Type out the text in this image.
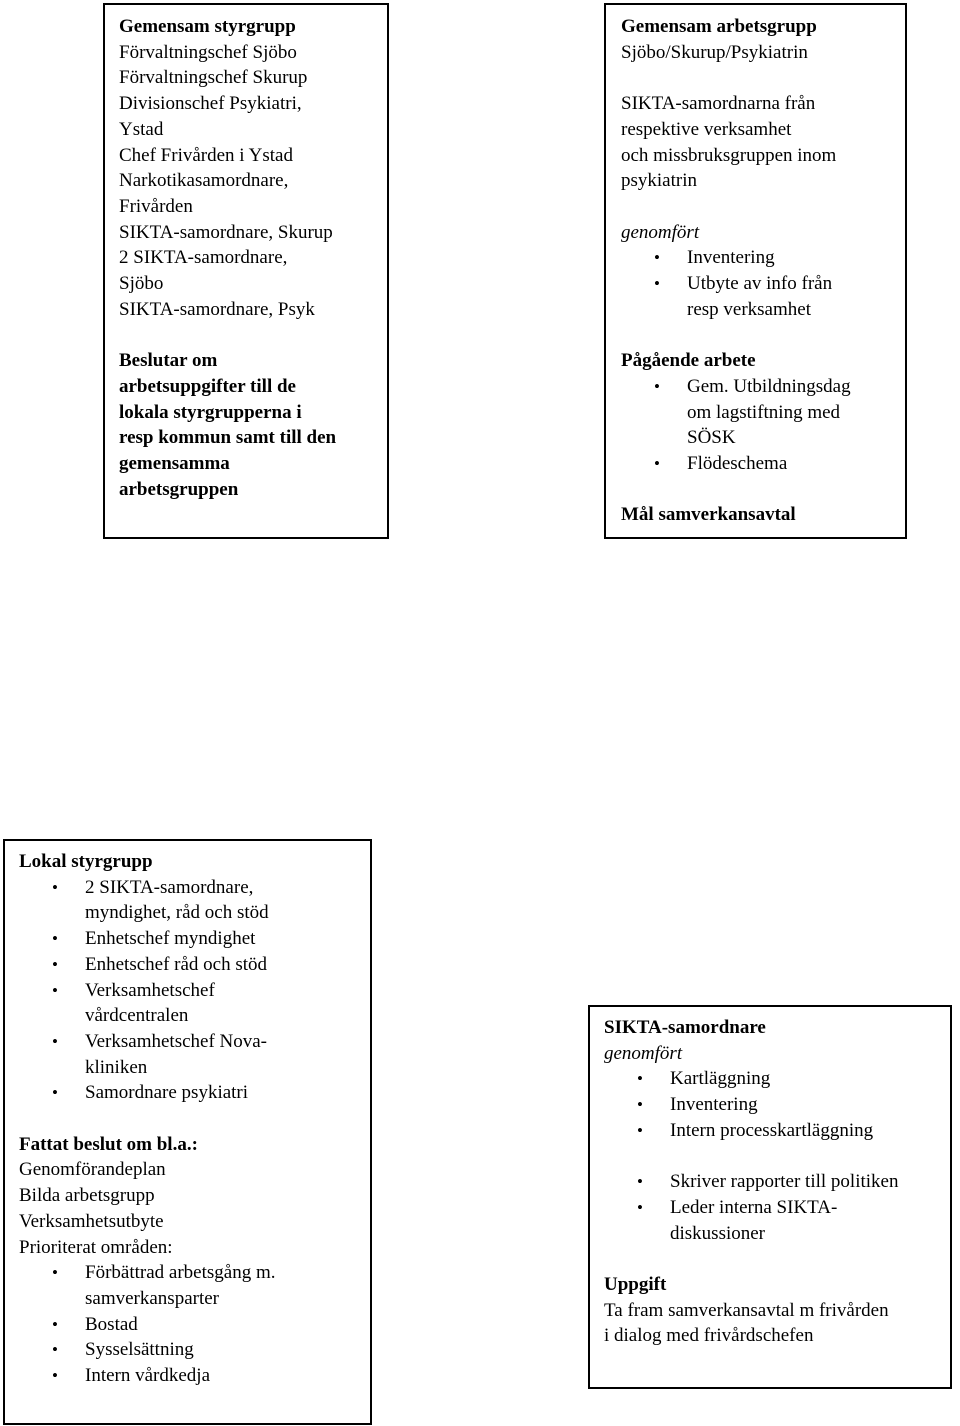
Gemensam styrgrupp
Förvaltningschef Sjöbo
Förvaltningschef Skurup
Divisionschef Psykiatri,
Ystad
Chef Frivården i Ystad
Narkotikasamordnare,
Frivården
SIKTA-samordnare, Skurup
2 SIKTA-samordnare,
Sjöbo
SIKTA-samordnare, Psyk
Beslutar om
arbetsuppgifter till de
lokala styrgrupperna i
resp kommun samt till den
gemensamma
arbetsgruppen
Gemensam arbetsgrupp
Sjöbo/Skurup/Psykiatrin
SIKTA-samordnarna från
respektive verksamhet
och missbruksgruppen inom
psykiatrin
genomfört
• Inventering
• Utbyte av info från
resp verksamhet
Pågående arbete
• Gem. Utbildningsdag
om lagstiftning med
SÖSK
• Flödeschema
Mål samverkansavtal
Lokal styrgrupp
• 2 SIKTA-samordnare,
myndighet, råd och stöd
• Enhetschef myndighet
• Enhetschef råd och stöd
• Verksamhetschef
vårdcentralen
• Verksamhetschef Nova-
kliniken
• Samordnare psykiatri
Fattat beslut om bl.a.:
Genomförandeplan
Bilda arbetsgrupp
Verksamhetsutbyte
Prioriterat områden:
• Förbättrad arbetsgång m.
samverkansparter
• Bostad
• Sysselsättning
• Intern vårdkedja
SIKTA-samordnare
genomfört
• Kartläggning
• Inventering
• Intern processkartläggning
• Skriver rapporter till politiken
• Leder interna SIKTA-
diskussioner
Uppgift
Ta fram samverkansavtal m frivården
i dialog med frivårdschefen
